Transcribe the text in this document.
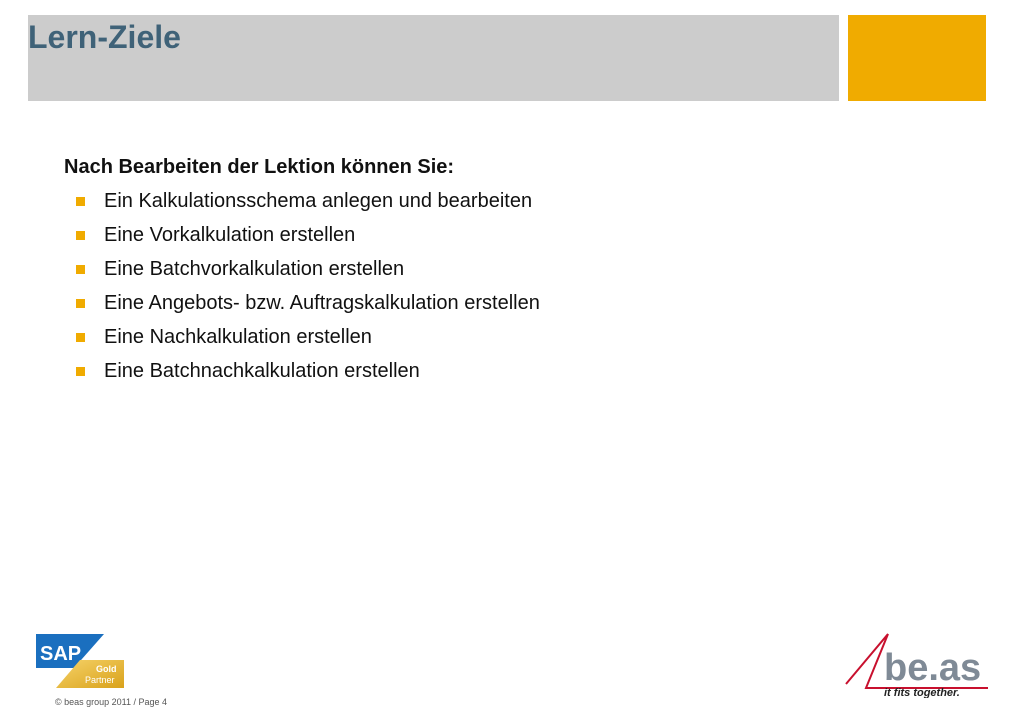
Lern-Ziele

Nach Bearbeiten der Lektion können Sie:

Ein Kalkulationsschema anlegen und bearbeiten
Eine Vorkalkulation erstellen
Eine Batchvorkalkulation erstellen
Eine Angebots- bzw. Auftragskalkulation erstellen
Eine Nachkalkulation erstellen
Eine Batchnachkalkulation erstellen
SAP
Gold
Partner
© beas group 2011 / Page 4
be.as
it fits together.
